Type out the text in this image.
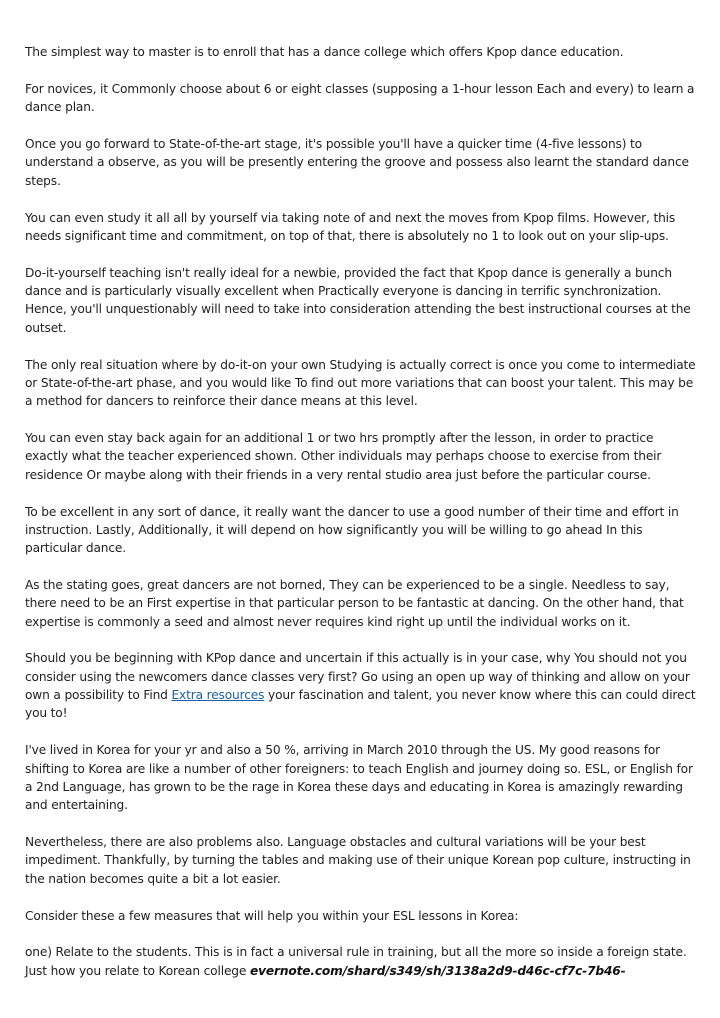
The simplest way to master is to enroll that has a dance college which offers Kpop dance education.

For novices, it Commonly choose about 6 or eight classes (supposing a 1-hour lesson Each and every) to learn a dance plan.

Once you go forward to State-of-the-art stage, it's possible you'll have a quicker time (4-five lessons) to understand a observe, as you will be presently entering the groove and possess also learnt the standard dance steps.

You can even study it all all by yourself via taking note of and next the moves from Kpop films. However, this needs significant time and commitment, on top of that, there is absolutely no 1 to look out on your slip-ups.

Do-it-yourself teaching isn't really ideal for a newbie, provided the fact that Kpop dance is generally a bunch dance and is particularly visually excellent when Practically everyone is dancing in terrific synchronization. Hence, you'll unquestionably will need to take into consideration attending the best instructional courses at the outset.

The only real situation where by do-it-on your own Studying is actually correct is once you come to intermediate or State-of-the-art phase, and you would like To find out more variations that can boost your talent. This may be a method for dancers to reinforce their dance means at this level.

You can even stay back again for an additional 1 or two hrs promptly after the lesson, in order to practice exactly what the teacher experienced shown. Other individuals may perhaps choose to exercise from their residence Or maybe along with their friends in a very rental studio area just before the particular course.

To be excellent in any sort of dance, it really want the dancer to use a good number of their time and effort in instruction. Lastly, Additionally, it will depend on how significantly you will be willing to go ahead In this particular dance.

As the stating goes, great dancers are not borned, They can be experienced to be a single. Needless to say, there need to be an First expertise in that particular person to be fantastic at dancing. On the other hand, that expertise is commonly a seed and almost never requires kind right up until the individual works on it.

Should you be beginning with KPop dance and uncertain if this actually is in your case, why You should not you consider using the newcomers dance classes very first? Go using an open up way of thinking and allow on your own a possibility to Find Extra resources your fascination and talent, you never know where this can could direct you to!

I've lived in Korea for your yr and also a 50 %, arriving in March 2010 through the US. My good reasons for shifting to Korea are like a number of other foreigners: to teach English and journey doing so. ESL, or English for a 2nd Language, has grown to be the rage in Korea these days and educating in Korea is amazingly rewarding and entertaining.

Nevertheless, there are also problems also. Language obstacles and cultural variations will be your best impediment. Thankfully, by turning the tables and making use of their unique Korean pop culture, instructing in the nation becomes quite a bit a lot easier.

Consider these a few measures that will help you within your ESL lessons in Korea:

one) Relate to the students. This is in fact a universal rule in training, but all the more so inside a foreign state. Just how you relate to Korean college evernote.com/shard/s349/sh/3138a2d9-d46c-cf7c-7b46-
